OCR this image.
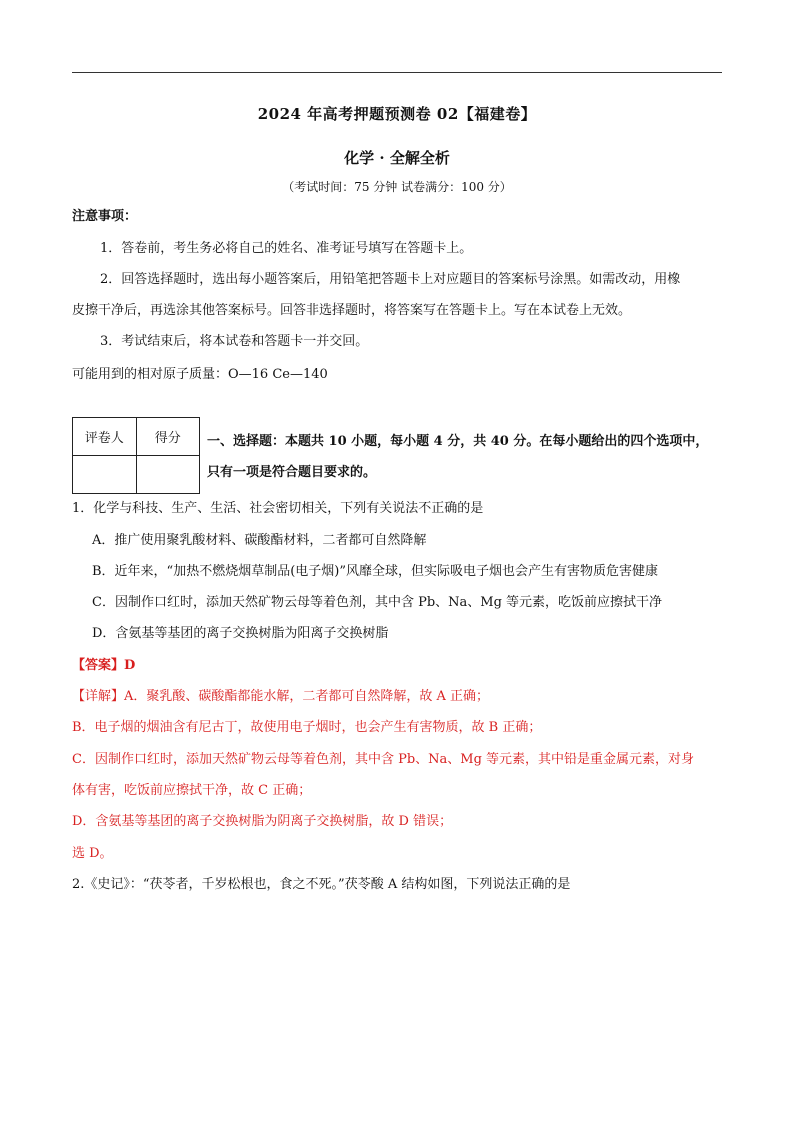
2024 年高考押题预测卷 02【福建卷】
化学 · 全解全析
（考试时间：75 分钟 试卷满分：100 分）
注意事项：
1．答卷前，考生务必将自己的姓名、准考证号填写在答题卡上。
2．回答选择题时，选出每小题答案后，用铅笔把答题卡上对应题目的答案标号涂黑。如需改动，用橡
皮擦干净后，再选涂其他答案标号。回答非选择题时，将答案写在答题卡上。写在本试卷上无效。
3．考试结束后，将本试卷和答题卡一并交回。
可能用到的相对原子质量：O—16 Ce—140
评卷人	得分
	一、选择题：本题共 10 小题，每小题 4 分，共 40 分。在每小题给出的四个选项中，
只有一项是符合题目要求的。
1．化学与科技、生产、生活、社会密切相关，下列有关说法不正确的是
A．推广使用聚乳酸材料、碳酸酯材料，二者都可自然降解
B．近年来，“加热不燃烧烟草制品(电子烟)”风靡全球，但实际吸电子烟也会产生有害物质危害健康
C．因制作口红时，添加天然矿物云母等着色剂，其中含 Pb、Na、Mg 等元素，吃饭前应擦拭干净
D．含氨基等基团的离子交换树脂为阳离子交换树脂
【答案】D
【详解】A．聚乳酸、碳酸酯都能水解，二者都可自然降解，故 A 正确；
B．电子烟的烟油含有尼古丁，故使用电子烟时，也会产生有害物质，故 B 正确；
C．因制作口红时，添加天然矿物云母等着色剂，其中含 Pb、Na、Mg 等元素，其中铅是重金属元素，对身
体有害，吃饭前应擦拭干净，故 C 正确；
D．含氨基等基团的离子交换树脂为阴离子交换树脂，故 D 错误；
选 D。
2.《史记》：“茯苓者，千岁松根也，食之不死。”茯苓酸 A 结构如图，下列说法正确的是
